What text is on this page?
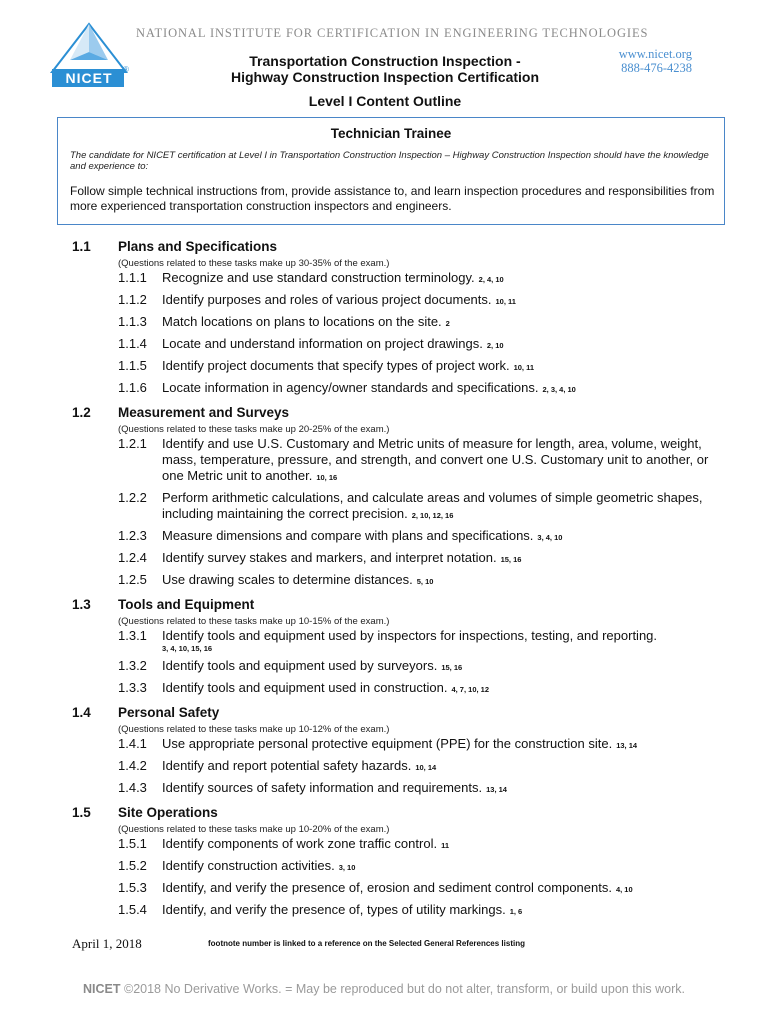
NATIONAL INSTITUTE FOR CERTIFICATION IN ENGINEERING TECHNOLOGIES
NICET
®
Transportation Construction Inspection -
Highway Construction Inspection Certification
Level I Content Outline
www.nicet.org
888-476-4238
Technician Trainee
The candidate for NICET certification at Level I in Transportation Construction Inspection – Highway Construction Inspection should have the knowledge and experience to:
Follow simple technical instructions from, provide assistance to, and learn inspection procedures and responsibilities from more experienced transportation construction inspectors and engineers.
1.1	Plans and Specifications
(Questions related to these tasks make up 30-35% of the exam.)
1.1.1	Recognize and use standard construction terminology. 2, 4, 10
1.1.2	Identify purposes and roles of various project documents. 10, 11
1.1.3	Match locations on plans to locations on the site. 2
1.1.4	Locate and understand information on project drawings. 2, 10
1.1.5	Identify project documents that specify types of project work. 10, 11
1.1.6	Locate information in agency/owner standards and specifications. 2, 3, 4, 10
1.2	Measurement and Surveys
(Questions related to these tasks make up 20-25% of the exam.)
1.2.1	Identify and use U.S. Customary and Metric units of measure for length, area, volume, weight, mass, temperature, pressure, and strength, and convert one U.S. Customary unit to another, or one Metric unit to another. 10, 16
1.2.2	Perform arithmetic calculations, and calculate areas and volumes of simple geometric shapes, including maintaining the correct precision. 2, 10, 12, 16
1.2.3	Measure dimensions and compare with plans and specifications. 3, 4, 10
1.2.4	Identify survey stakes and markers, and interpret notation. 15, 16
1.2.5	Use drawing scales to determine distances. 5, 10
1.3	Tools and Equipment
(Questions related to these tasks make up 10-15% of the exam.)
1.3.1	Identify tools and equipment used by inspectors for inspections, testing, and reporting.
3, 4, 10, 15, 16
1.3.2	Identify tools and equipment used by surveyors. 15, 16
1.3.3	Identify tools and equipment used in construction. 4, 7, 10, 12
1.4	Personal Safety
(Questions related to these tasks make up 10-12% of the exam.)
1.4.1	Use appropriate personal protective equipment (PPE) for the construction site. 13, 14
1.4.2	Identify and report potential safety hazards. 10, 14
1.4.3	Identify sources of safety information and requirements. 13, 14
1.5	Site Operations
(Questions related to these tasks make up 10-20% of the exam.)
1.5.1	Identify components of work zone traffic control. 11
1.5.2	Identify construction activities. 3, 10
1.5.3	Identify, and verify the presence of, erosion and sediment control components. 4, 10
1.5.4	Identify, and verify the presence of, types of utility markings. 1, 6
April 1, 2018	footnote number is linked to a reference on the Selected General References listing
NICET ©2018 No Derivative Works. = May be reproduced but do not alter, transform, or build upon this work.
